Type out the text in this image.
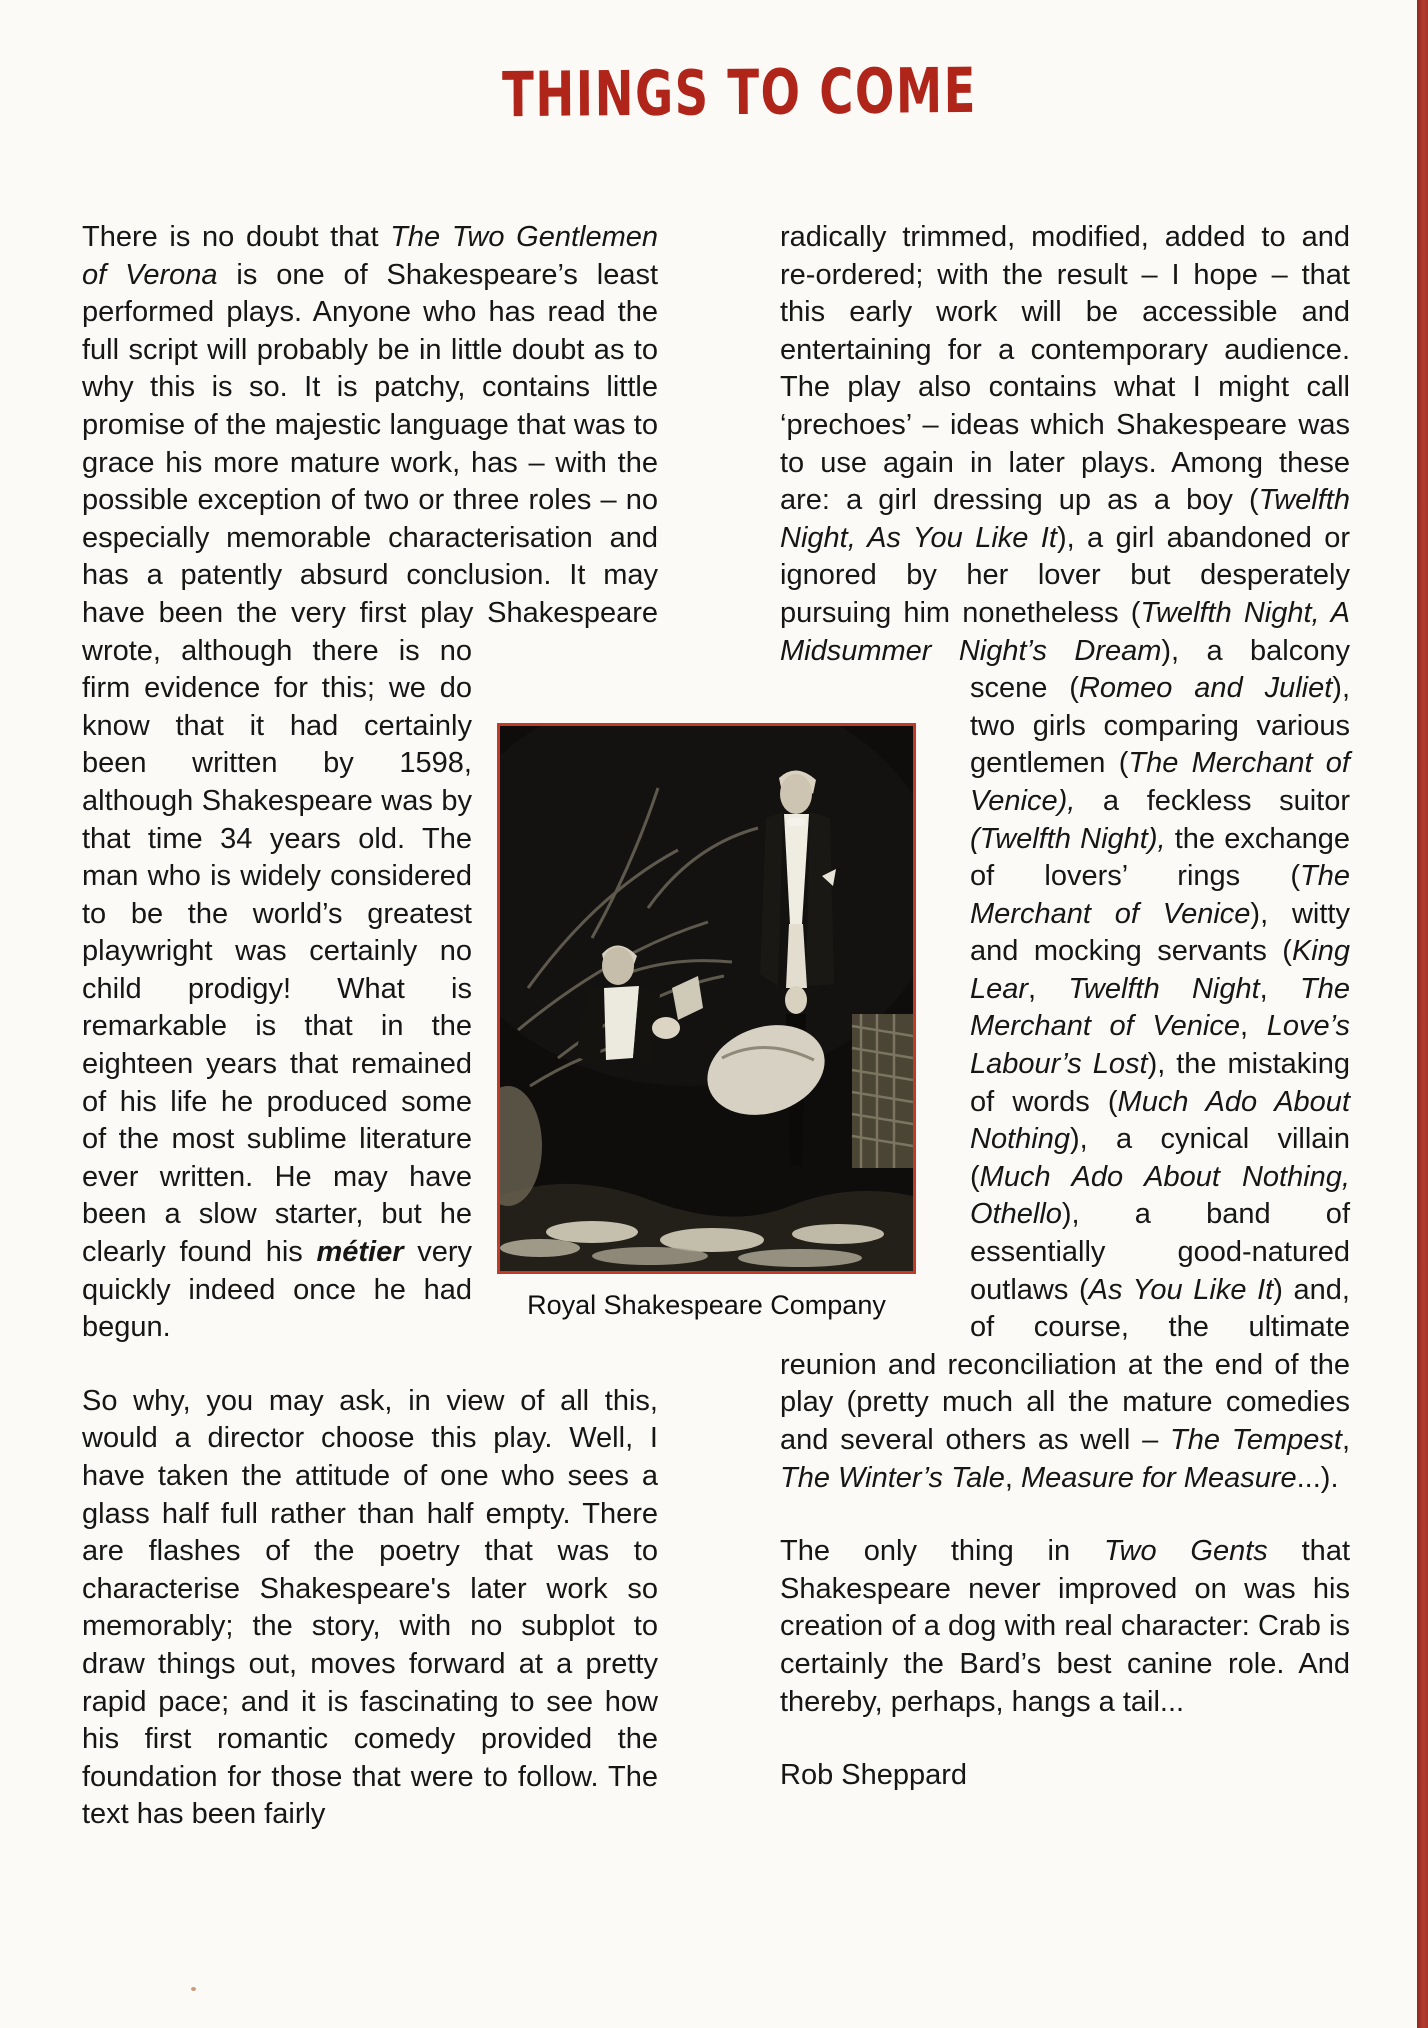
THINGS TO COME

There is no doubt that The Two Gentlemen of Verona is one of Shakespeare’s least performed plays. Anyone who has read the full script will probably be in little doubt as to why this is so. It is patchy, contains little promise of the majestic language that was to grace his more mature work, has – with the possible exception of two or three roles – no especially memorable characterisation and has a patently absurd conclusion. It may have been the very first play Shakespeare wrote,
although there is no firm evidence for this; we do know that it had certainly been written by 1598, although Shakespeare was by that time 34 years old. The man who is widely considered to be the world’s greatest playwright was certainly no child prodigy! What is remarkable is that in the eighteen years that remained of his life he produced some of the most sublime literature ever written. He may have been a slow starter, but he clearly found his métier very quickly indeed once he had begun.

So why, you may ask, in view of all this, would a director choose this play. Well, I have taken the attitude of one who sees a glass half full rather than half empty. There are flashes of the poetry that was to characterise Shakespeare's later work so memorably; the story, with no subplot to draw things out, moves forward at a pretty rapid pace; and it is fascinating to see how his first romantic comedy provided the foundation for those that were to follow. The text has been fairly

radically trimmed, modified, added to and re-ordered; with the result – I hope – that this early work will be accessible and entertaining for a contemporary audience. The play also contains what I might call ‘prechoes’ – ideas which Shakespeare was to use again in later plays. Among these are: a girl dressing up as a boy (Twelfth Night, As You Like It), a girl abandoned or ignored by her lover but desperately pursuing him nonetheless (Twelfth Night, A Midsummer Night’s Dream), a balcony
scene (Romeo and Juliet), two girls comparing various gentlemen (The Merchant of Venice), a feckless suitor (Twelfth Night), the exchange of lovers’ rings (The Merchant of Venice), witty and mocking servants (King Lear, Twelfth Night, The Merchant of Venice, Love’s Labour’s Lost), the mistaking of words (Much Ado About Nothing), a cynical villain (Much Ado About Nothing, Othello), a band of essentially good-natured outlaws (As You Like It) and, of course, the ultimate reunion and reconciliation at the end of the play (pretty much all the mature comedies and several others as well – The Tempest, The Winter’s Tale, Measure for Measure...).

The only thing in Two Gents that Shakespeare never improved on was his creation of a dog with real character: Crab is certainly the Bard’s best canine role. And thereby, perhaps, hangs a tail...

Rob Sheppard

Royal Shakespeare Company
